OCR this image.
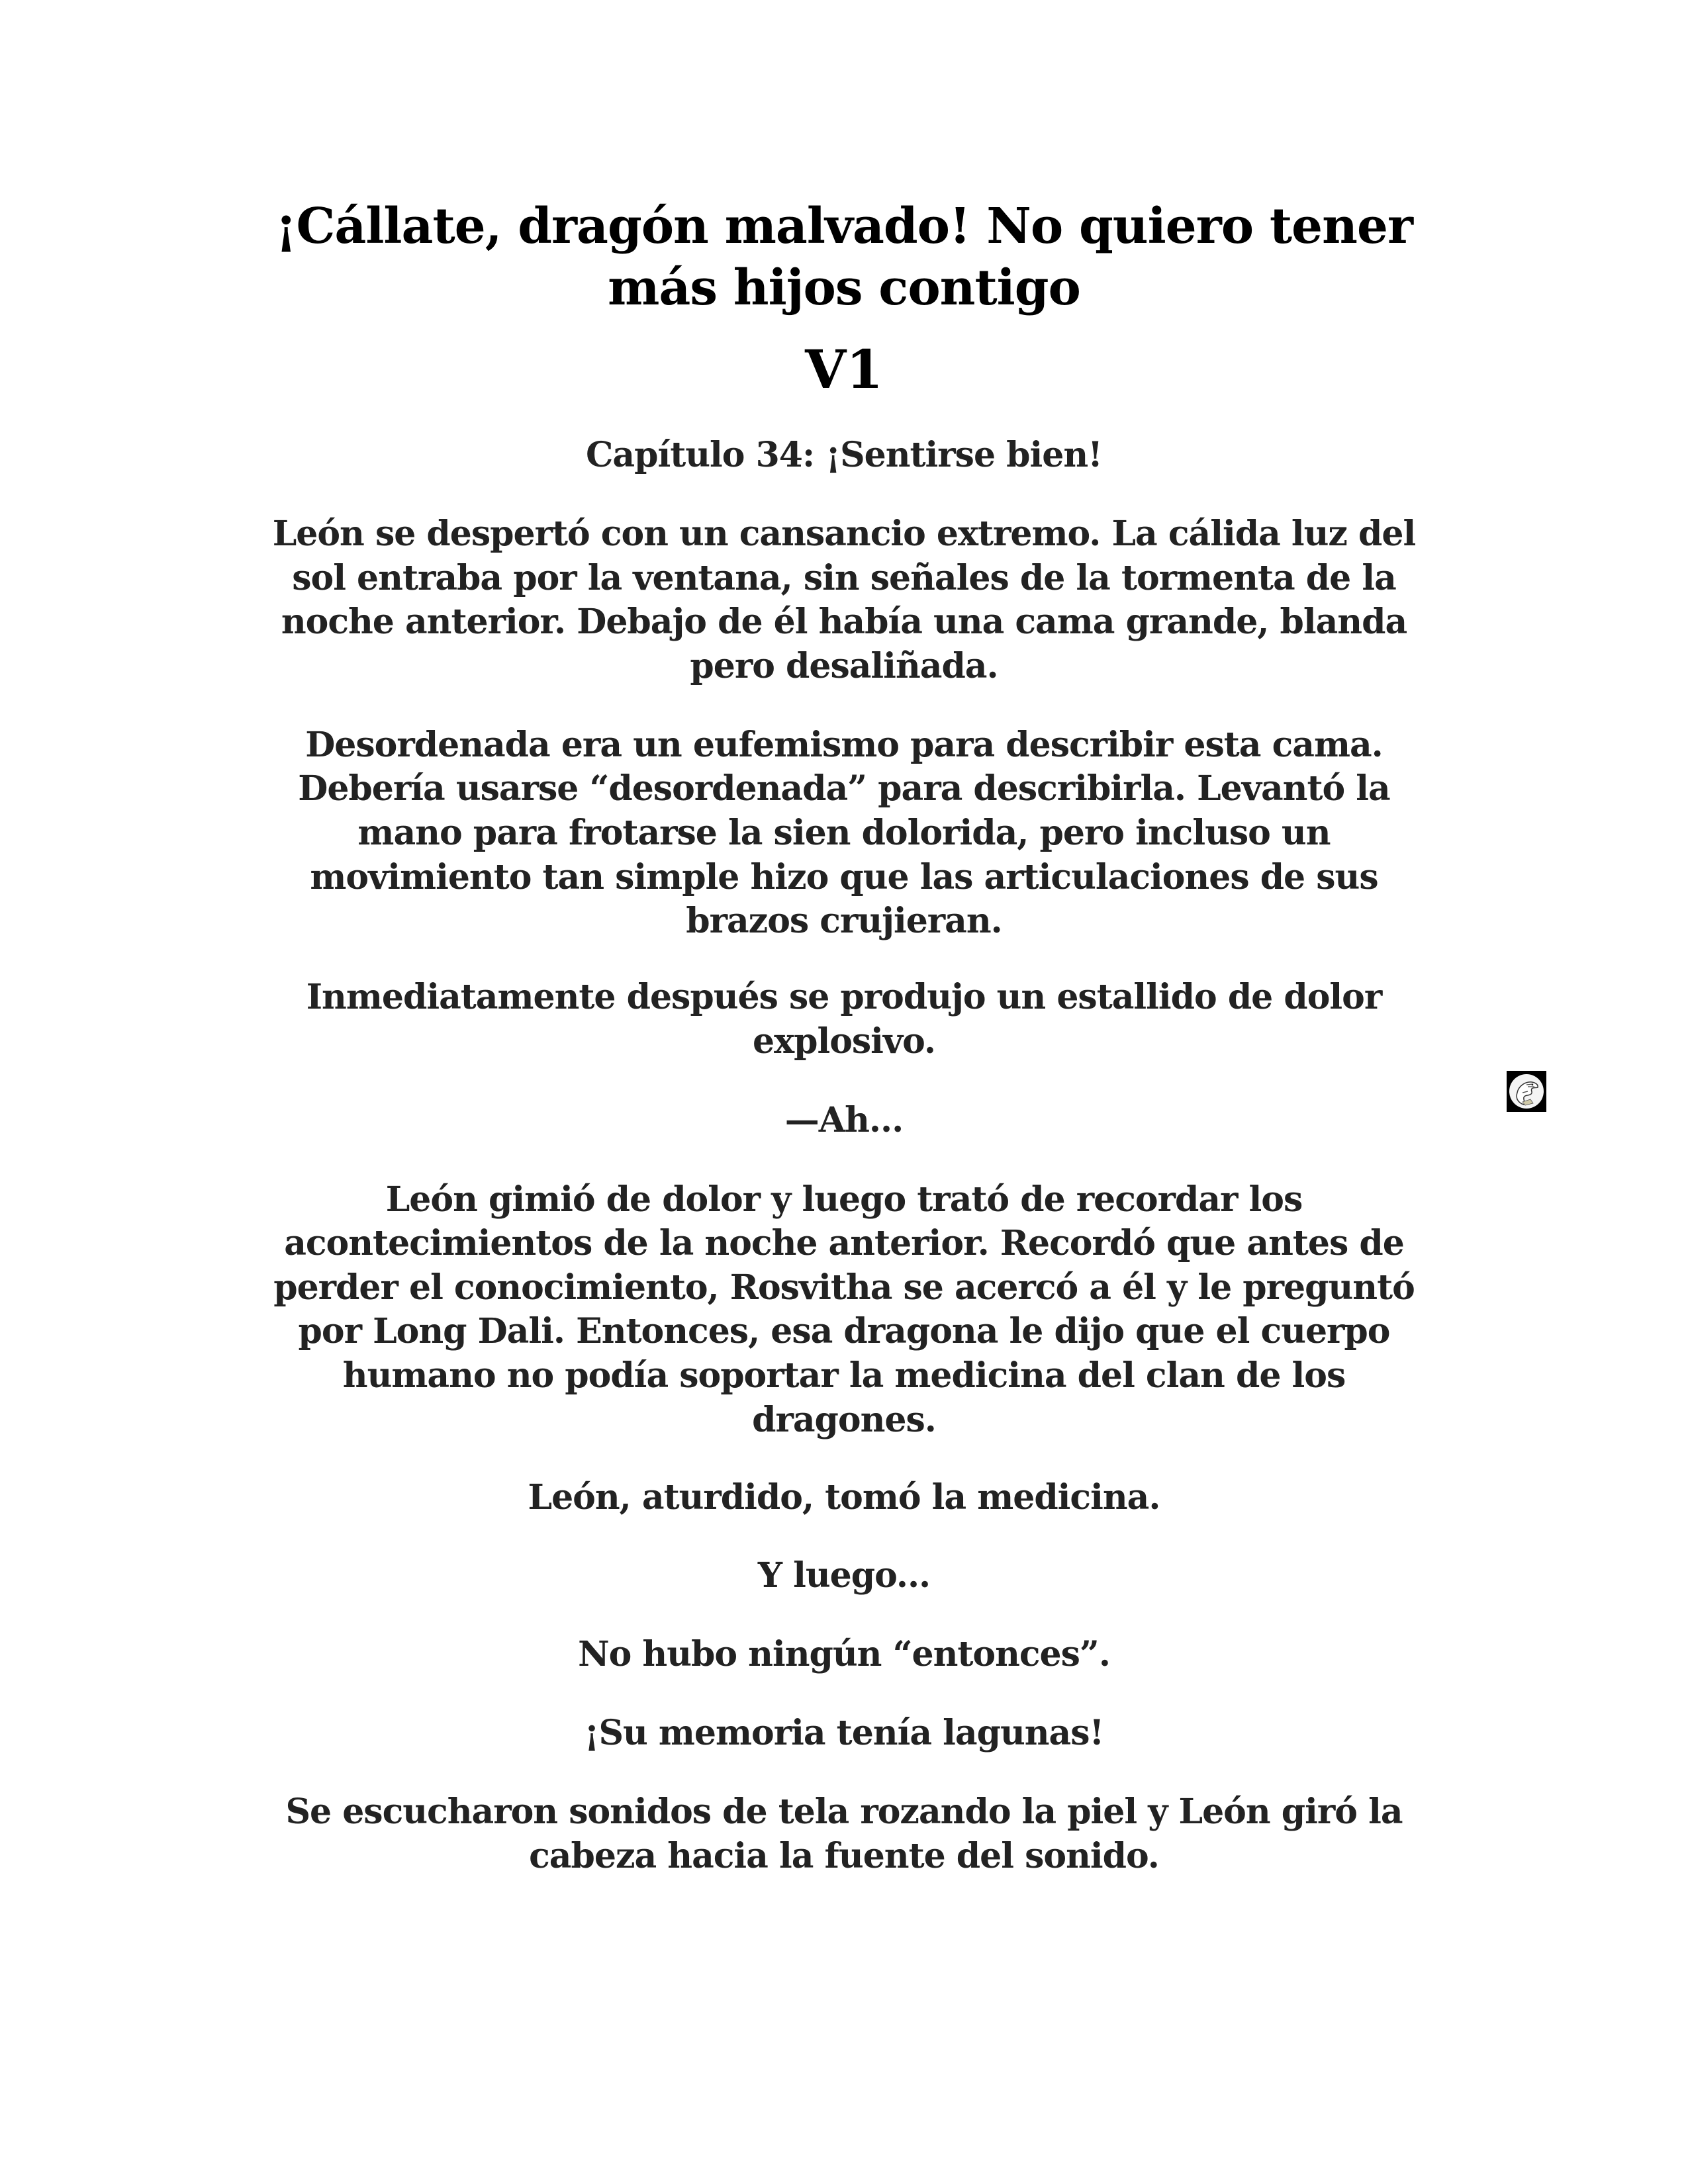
¡Cállate, dragón malvado! No quiero tener
más hijos contigo
V1
Capítulo 34: ¡Sentirse bien!
León se despertó con un cansancio extremo. La cálida luz del
sol entraba por la ventana, sin señales de la tormenta de la
noche anterior. Debajo de él había una cama grande, blanda
pero desaliñada.
Desordenada era un eufemismo para describir esta cama.
Debería usarse “desordenada” para describirla. Levantó la
mano para frotarse la sien dolorida, pero incluso un
movimiento tan simple hizo que las articulaciones de sus
brazos crujieran.
Inmediatamente después se produjo un estallido de dolor
explosivo.
—Ah...
León gimió de dolor y luego trató de recordar los
acontecimientos de la noche anterior. Recordó que antes de
perder el conocimiento, Rosvitha se acercó a él y le preguntó
por Long Dali. Entonces, esa dragona le dijo que el cuerpo
humano no podía soportar la medicina del clan de los
dragones.
León, aturdido, tomó la medicina.
Y luego...
No hubo ningún “entonces”.
¡Su memoria tenía lagunas!
Se escucharon sonidos de tela rozando la piel y León giró la
cabeza hacia la fuente del sonido.
